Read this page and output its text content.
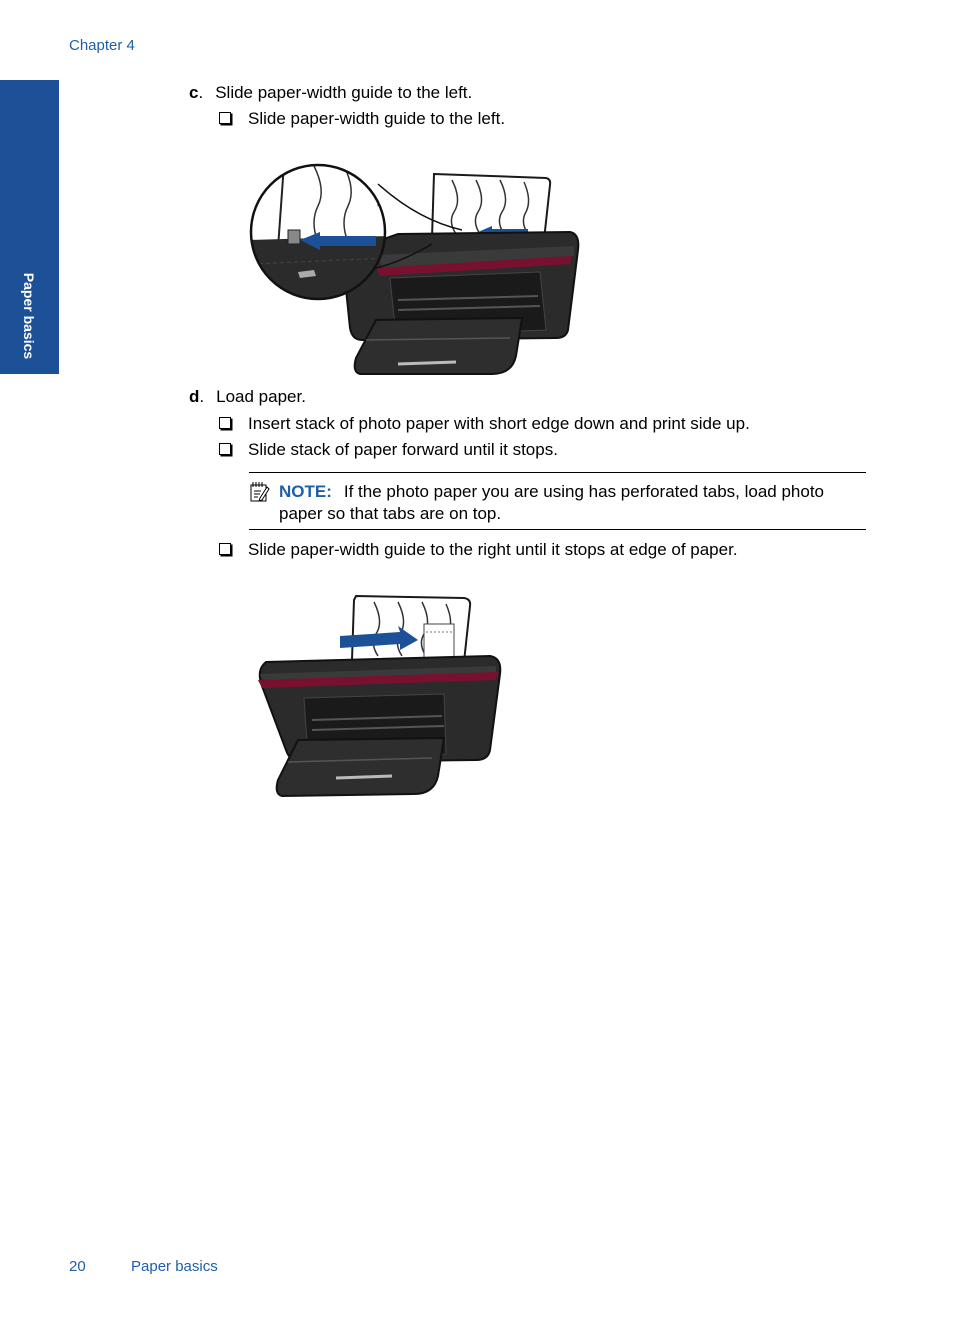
Chapter 4
Paper basics
c. Slide paper-width guide to the left.
Slide paper-width guide to the left.
d. Load paper.
Insert stack of photo paper with short edge down and print side up.
Slide stack of paper forward until it stops.
NOTE: If the photo paper you are using has perforated tabs, load photo paper so that tabs are on top.
Slide paper-width guide to the right until it stops at edge of paper.
20	Paper basics
